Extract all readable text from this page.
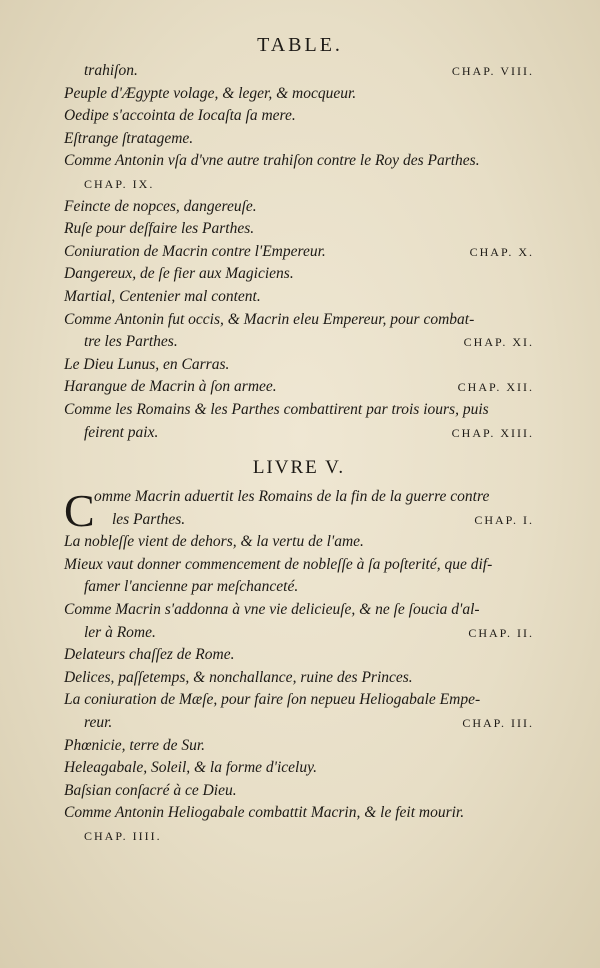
TABLE.
trahiſon.	CHAP. VIII.
Peuple d'Ægypte volage, & leger, & mocqueur.
Oedipe s'accointa de Iocaſta ſa mere.
Eſtrange ſtratageme.
Comme Antonin vſa d'vne autre trahiſon contre le Roy des Parthes.
CHAP. IX.
Feincte de nopces, dangereuſe.
Ruſe pour deſfaire les Parthes.
Coniuration de Macrin contre l'Empereur.	CHAP. X.
Dangereux, de ſe fier aux Magiciens.
Martial, Centenier mal content.
Comme Antonin fut occis, & Macrin eleu Empereur, pour combat-
tre les Parthes.	CHAP. XI.
Le Dieu Lunus, en Carras.
Harangue de Macrin à ſon armee.	CHAP. XII.
Comme les Romains & les Parthes combattirent par trois iours, puis
feirent paix.	CHAP. XIII.
LIVRE V.
C omme Macrin aduertit les Romains de la fin de la guerre contre
les Parthes.	CHAP. I.
La nobleſſe vient de dehors, & la vertu de l'ame.
Mieux vaut donner commencement de nobleſſe à ſa poſterité, que dif-
famer l'ancienne par meſchanceté.
Comme Macrin s'addonna à vne vie delicieuſe, & ne ſe ſoucia d'al-
ler à Rome.	CHAP. II.
Delateurs chaſſez de Rome.
Delices, paſſetemps, & nonchallance, ruine des Princes.
La coniuration de Mæſe, pour faire ſon nepueu Heliogabale Empe-
reur.	CHAP. III.
Phœnicie, terre de Sur.
Heleagabale, Soleil, & la forme d'iceluy.
Baſsian conſacré à ce Dieu.
Comme Antonin Heliogabale combattit Macrin, & le feit mourir.
CHAP. IIII.
